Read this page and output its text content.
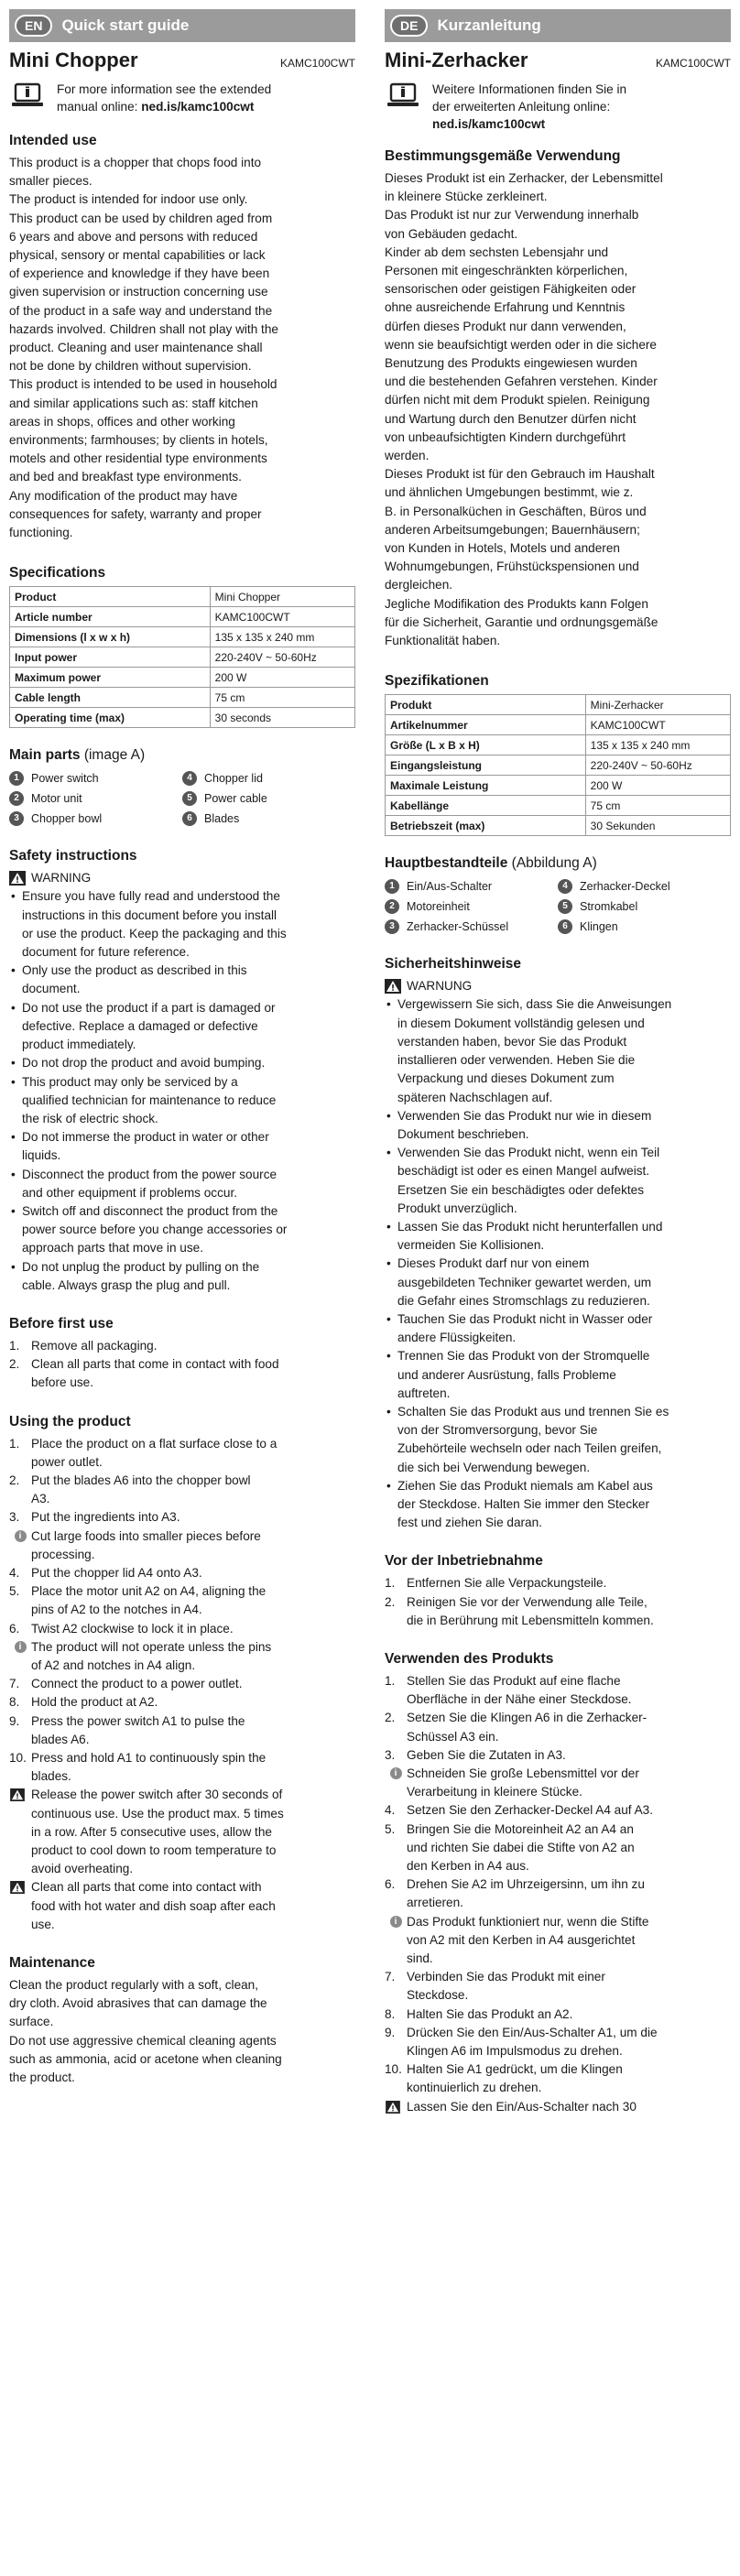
EN	Quick start guide
Mini Chopper	KAMC100CWT
For more information see the extended
manual online: ned.is/kamc100cwt
Intended use
This product is a chopper that chops food into
smaller pieces.
The product is intended for indoor use only.
This product can be used by children aged from
6 years and above and persons with reduced
physical, sensory or mental capabilities or lack
of experience and knowledge if they have been
given supervision or instruction concerning use
of the product in a safe way and understand the
hazards involved. Children shall not play with the
product. Cleaning and user maintenance shall
not be done by children without supervision.
This product is intended to be used in household
and similar applications such as: staff kitchen
areas in shops, offices and other working
environments; farmhouses; by clients in hotels,
motels and other residential type environments
and bed and breakfast type environments.
Any modification of the product may have
consequences for safety, warranty and proper
functioning.
Specifications
Product	Mini Chopper
Article number	KAMC100CWT
Dimensions (l x w x h)	135 x 135 x 240 mm
Input power	220-240V ~ 50-60Hz
Maximum power	200 W
Cable length	75 cm
Operating time (max)	30 seconds
Main parts (image A)
1	Power switch	4	Chopper lid
2	Motor unit	5	Power cable
3	Chopper bowl	6	Blades
Safety instructions
WARNING
• Ensure you have fully read and understood the
instructions in this document before you install
or use the product. Keep the packaging and this
document for future reference.
• Only use the product as described in this
document.
• Do not use the product if a part is damaged or
defective. Replace a damaged or defective
product immediately.
• Do not drop the product and avoid bumping.
• This product may only be serviced by a
qualified technician for maintenance to reduce
the risk of electric shock.
• Do not immerse the product in water or other
liquids.
• Disconnect the product from the power source
and other equipment if problems occur.
• Switch off and disconnect the product from the
power source before you change accessories or
approach parts that move in use.
• Do not unplug the product by pulling on the
cable. Always grasp the plug and pull.
Before first use
1. Remove all packaging.
2. Clean all parts that come in contact with food
before use.
Using the product
1. Place the product on a flat surface close to a
power outlet.
2. Put the blades A6 into the chopper bowl
A3.
3. Put the ingredients into A3.
i Cut large foods into smaller pieces before
processing.
4. Put the chopper lid A4 onto A3.
5. Place the motor unit A2 on A4, aligning the
pins of A2 to the notches in A4.
6. Twist A2 clockwise to lock it in place.
i The product will not operate unless the pins
of A2 and notches in A4 align.
7. Connect the product to a power outlet.
8. Hold the product at A2.
9. Press the power switch A1 to pulse the
blades A6.
10. Press and hold A1 to continuously spin the
blades.
Release the power switch after 30 seconds of
continuous use. Use the product max. 5 times
in a row. After 5 consecutive uses, allow the
product to cool down to room temperature to
avoid overheating.
Clean all parts that come into contact with
food with hot water and dish soap after each
use.
Maintenance
Clean the product regularly with a soft, clean,
dry cloth. Avoid abrasives that can damage the
surface.
Do not use aggressive chemical cleaning agents
such as ammonia, acid or acetone when cleaning
the product.
DE	Kurzanleitung
Mini-Zerhacker	KAMC100CWT
Weitere Informationen finden Sie in
der erweiterten Anleitung online:
ned.is/kamc100cwt
Bestimmungsgemäße Verwendung
Dieses Produkt ist ein Zerhacker, der Lebensmittel
in kleinere Stücke zerkleinert.
Das Produkt ist nur zur Verwendung innerhalb
von Gebäuden gedacht.
Kinder ab dem sechsten Lebensjahr und
Personen mit eingeschränkten körperlichen,
sensorischen oder geistigen Fähigkeiten oder
ohne ausreichende Erfahrung und Kenntnis
dürfen dieses Produkt nur dann verwenden,
wenn sie beaufsichtigt werden oder in die sichere
Benutzung des Produkts eingewiesen wurden
und die bestehenden Gefahren verstehen. Kinder
dürfen nicht mit dem Produkt spielen. Reinigung
und Wartung durch den Benutzer dürfen nicht
von unbeaufsichtigten Kindern durchgeführt
werden.
Dieses Produkt ist für den Gebrauch im Haushalt
und ähnlichen Umgebungen bestimmt, wie z.
B. in Personalküchen in Geschäften, Büros und
anderen Arbeitsumgebungen; Bauernhäusern;
von Kunden in Hotels, Motels und anderen
Wohnumgebungen, Frühstückspensionen und
dergleichen.
Jegliche Modifikation des Produkts kann Folgen
für die Sicherheit, Garantie und ordnungsgemäße
Funktionalität haben.
Spezifikationen
Produkt	Mini-Zerhacker
Artikelnummer	KAMC100CWT
Größe (L x B x H)	135 x 135 x 240 mm
Eingangsleistung	220-240V ~ 50-60Hz
Maximale Leistung	200 W
Kabellänge	75 cm
Betriebszeit (max)	30 Sekunden
Hauptbestandteile (Abbildung A)
1	Ein/Aus-Schalter	4	Zerhacker-Deckel
2	Motoreinheit	5	Stromkabel
3	Zerhacker-Schüssel	6	Klingen
Sicherheitshinweise
WARNUNG
• Vergewissern Sie sich, dass Sie die Anweisungen
in diesem Dokument vollständig gelesen und
verstanden haben, bevor Sie das Produkt
installieren oder verwenden. Heben Sie die
Verpackung und dieses Dokument zum
späteren Nachschlagen auf.
• Verwenden Sie das Produkt nur wie in diesem
Dokument beschrieben.
• Verwenden Sie das Produkt nicht, wenn ein Teil
beschädigt ist oder es einen Mangel aufweist.
Ersetzen Sie ein beschädigtes oder defektes
Produkt unverzüglich.
• Lassen Sie das Produkt nicht herunterfallen und
vermeiden Sie Kollisionen.
• Dieses Produkt darf nur von einem
ausgebildeten Techniker gewartet werden, um
die Gefahr eines Stromschlags zu reduzieren.
• Tauchen Sie das Produkt nicht in Wasser oder
andere Flüssigkeiten.
• Trennen Sie das Produkt von der Stromquelle
und anderer Ausrüstung, falls Probleme
auftreten.
• Schalten Sie das Produkt aus und trennen Sie es
von der Stromversorgung, bevor Sie
Zubehörteile wechseln oder nach Teilen greifen,
die sich bei Verwendung bewegen.
• Ziehen Sie das Produkt niemals am Kabel aus
der Steckdose. Halten Sie immer den Stecker
fest und ziehen Sie daran.
Vor der Inbetriebnahme
1. Entfernen Sie alle Verpackungsteile.
2. Reinigen Sie vor der Verwendung alle Teile,
die in Berührung mit Lebensmitteln kommen.
Verwenden des Produkts
1. Stellen Sie das Produkt auf eine flache
Oberfläche in der Nähe einer Steckdose.
2. Setzen Sie die Klingen A6 in die Zerhacker-
Schüssel A3 ein.
3. Geben Sie die Zutaten in A3.
i Schneiden Sie große Lebensmittel vor der
Verarbeitung in kleinere Stücke.
4. Setzen Sie den Zerhacker-Deckel A4 auf A3.
5. Bringen Sie die Motoreinheit A2 an A4 an
und richten Sie dabei die Stifte von A2 an
den Kerben in A4 aus.
6. Drehen Sie A2 im Uhrzeigersinn, um ihn zu
arretieren.
i Das Produkt funktioniert nur, wenn die Stifte
von A2 mit den Kerben in A4 ausgerichtet
sind.
7. Verbinden Sie das Produkt mit einer
Steckdose.
8. Halten Sie das Produkt an A2.
9. Drücken Sie den Ein/Aus-Schalter A1, um die
Klingen A6 im Impulsmodus zu drehen.
10. Halten Sie A1 gedrückt, um die Klingen
kontinuierlich zu drehen.
Lassen Sie den Ein/Aus-Schalter nach 30
